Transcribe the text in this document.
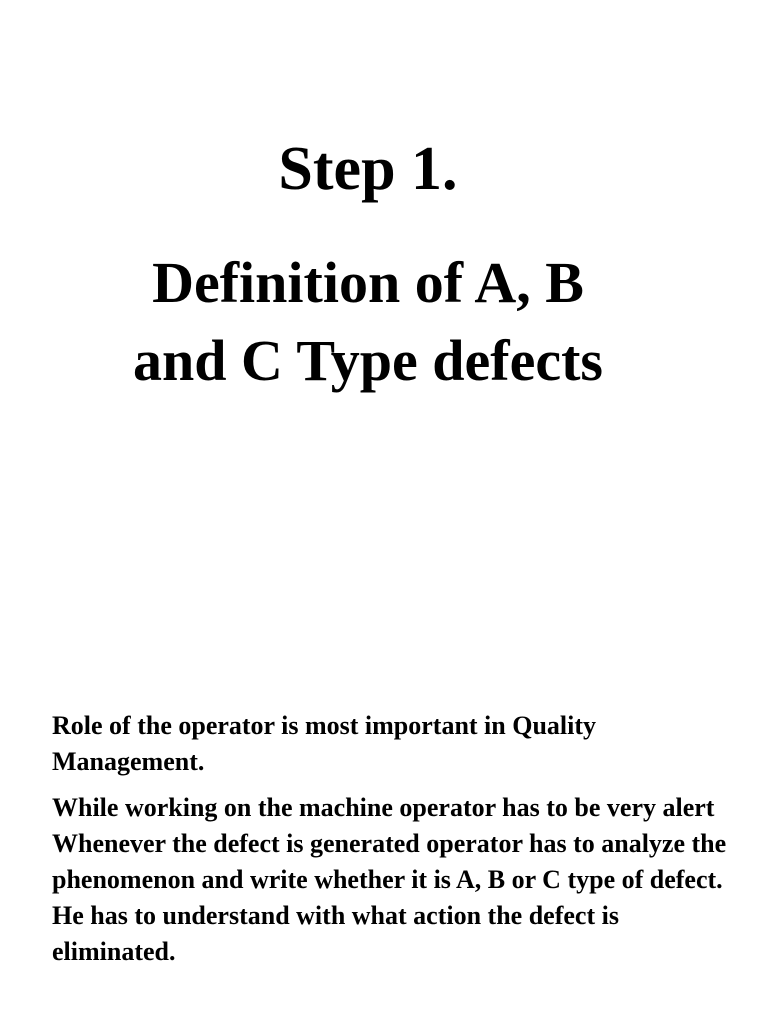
Step 1.
Definition of A, B
and C Type defects

Role of the operator is most important in Quality Management.

While working on the machine operator has to be very alert Whenever the defect is generated operator has to analyze the phenomenon and write whether it is A, B or C type of defect. He has to understand with what action the defect is eliminated.
